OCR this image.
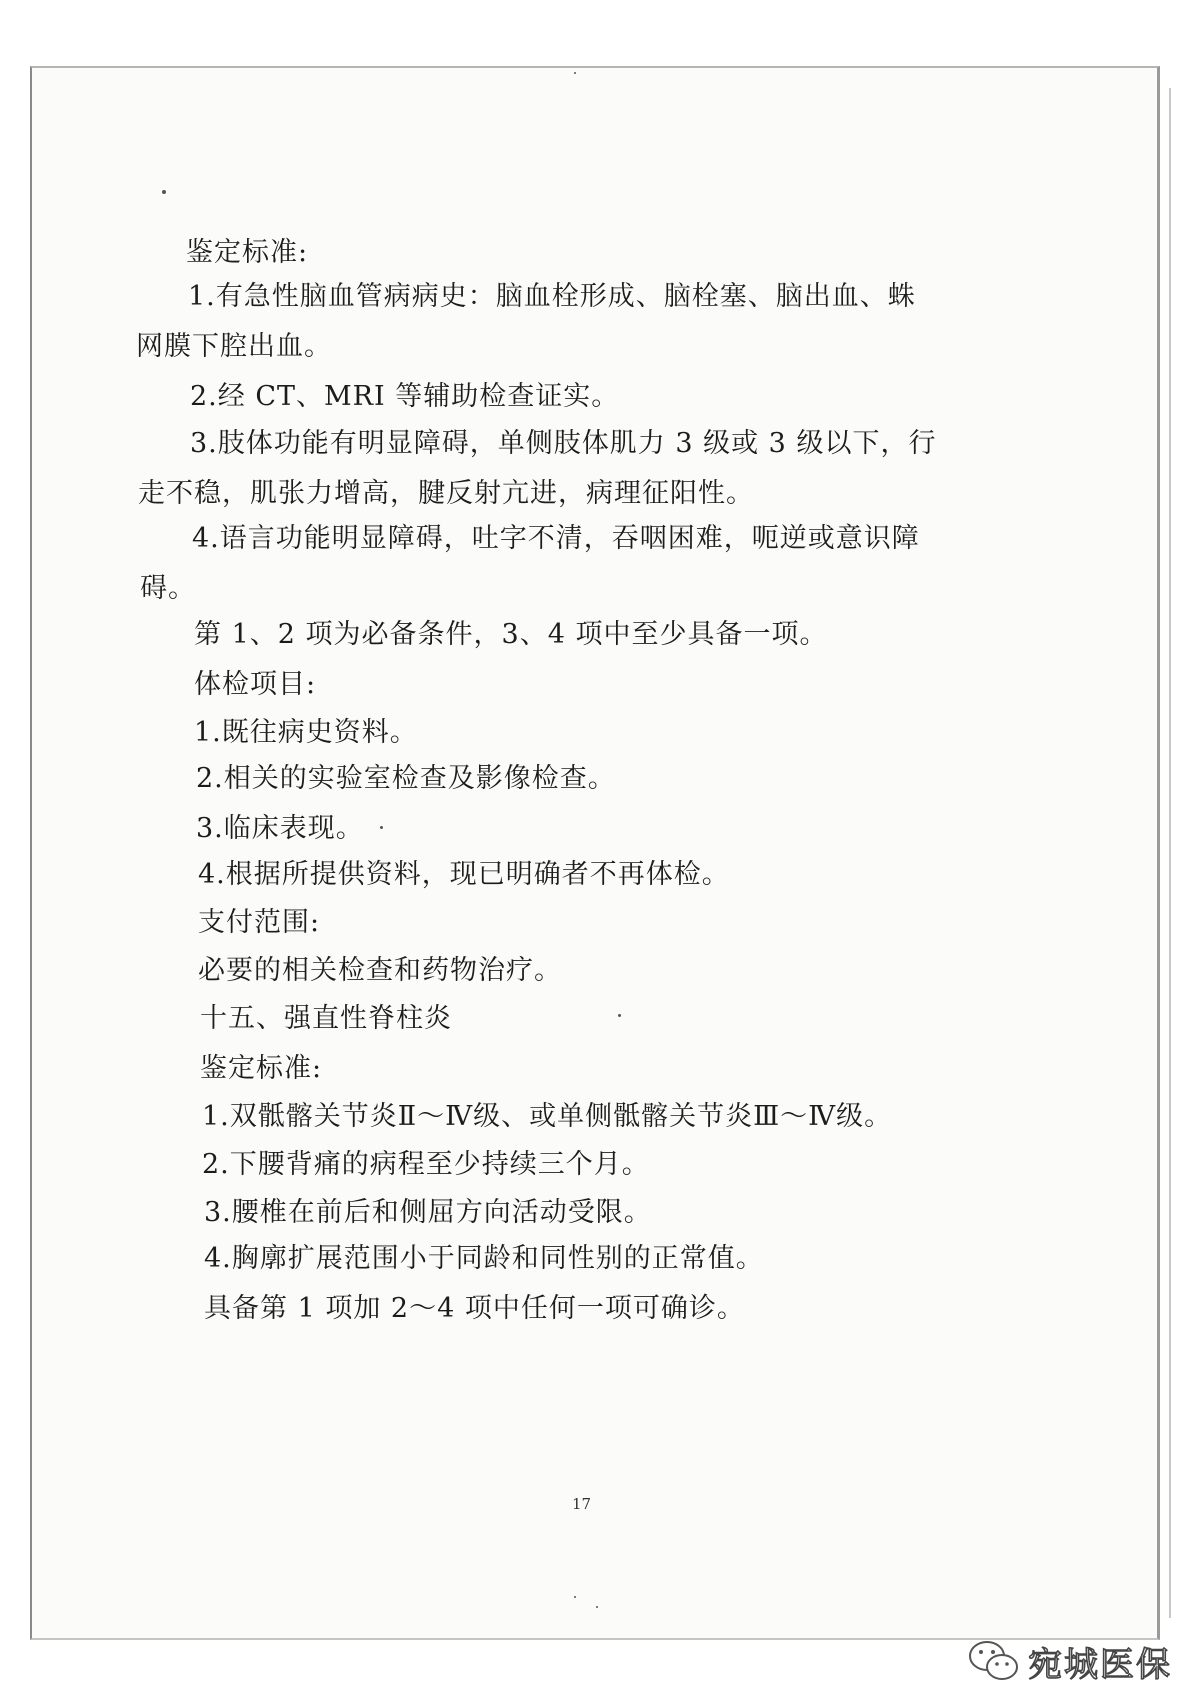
鉴定标准:
1.有急性脑血管病病史：脑血栓形成、脑栓塞、脑出血、蛛
网膜下腔出血。
2.经 CT、MRI 等辅助检查证实。
3.肢体功能有明显障碍，单侧肢体肌力 3 级或 3 级以下，行
走不稳，肌张力增高，腱反射亢进，病理征阳性。
4.语言功能明显障碍，吐字不清，吞咽困难，呃逆或意识障
碍。
第 1、2 项为必备条件，3、4 项中至少具备一项。
体检项目:
1.既往病史资料。
2.相关的实验室检查及影像检查。
3.临床表现。
4.根据所提供资料，现已明确者不再体检。
支付范围:
必要的相关检查和药物治疗。
十五、强直性脊柱炎
鉴定标准:
1.双骶髂关节炎Ⅱ～Ⅳ级、或单侧骶髂关节炎Ⅲ～Ⅳ级。
2.下腰背痛的病程至少持续三个月。
3.腰椎在前后和侧屈方向活动受限。
4.胸廓扩展范围小于同龄和同性别的正常值。
具备第 1 项加 2～4 项中任何一项可确诊。
17
宛城医保
